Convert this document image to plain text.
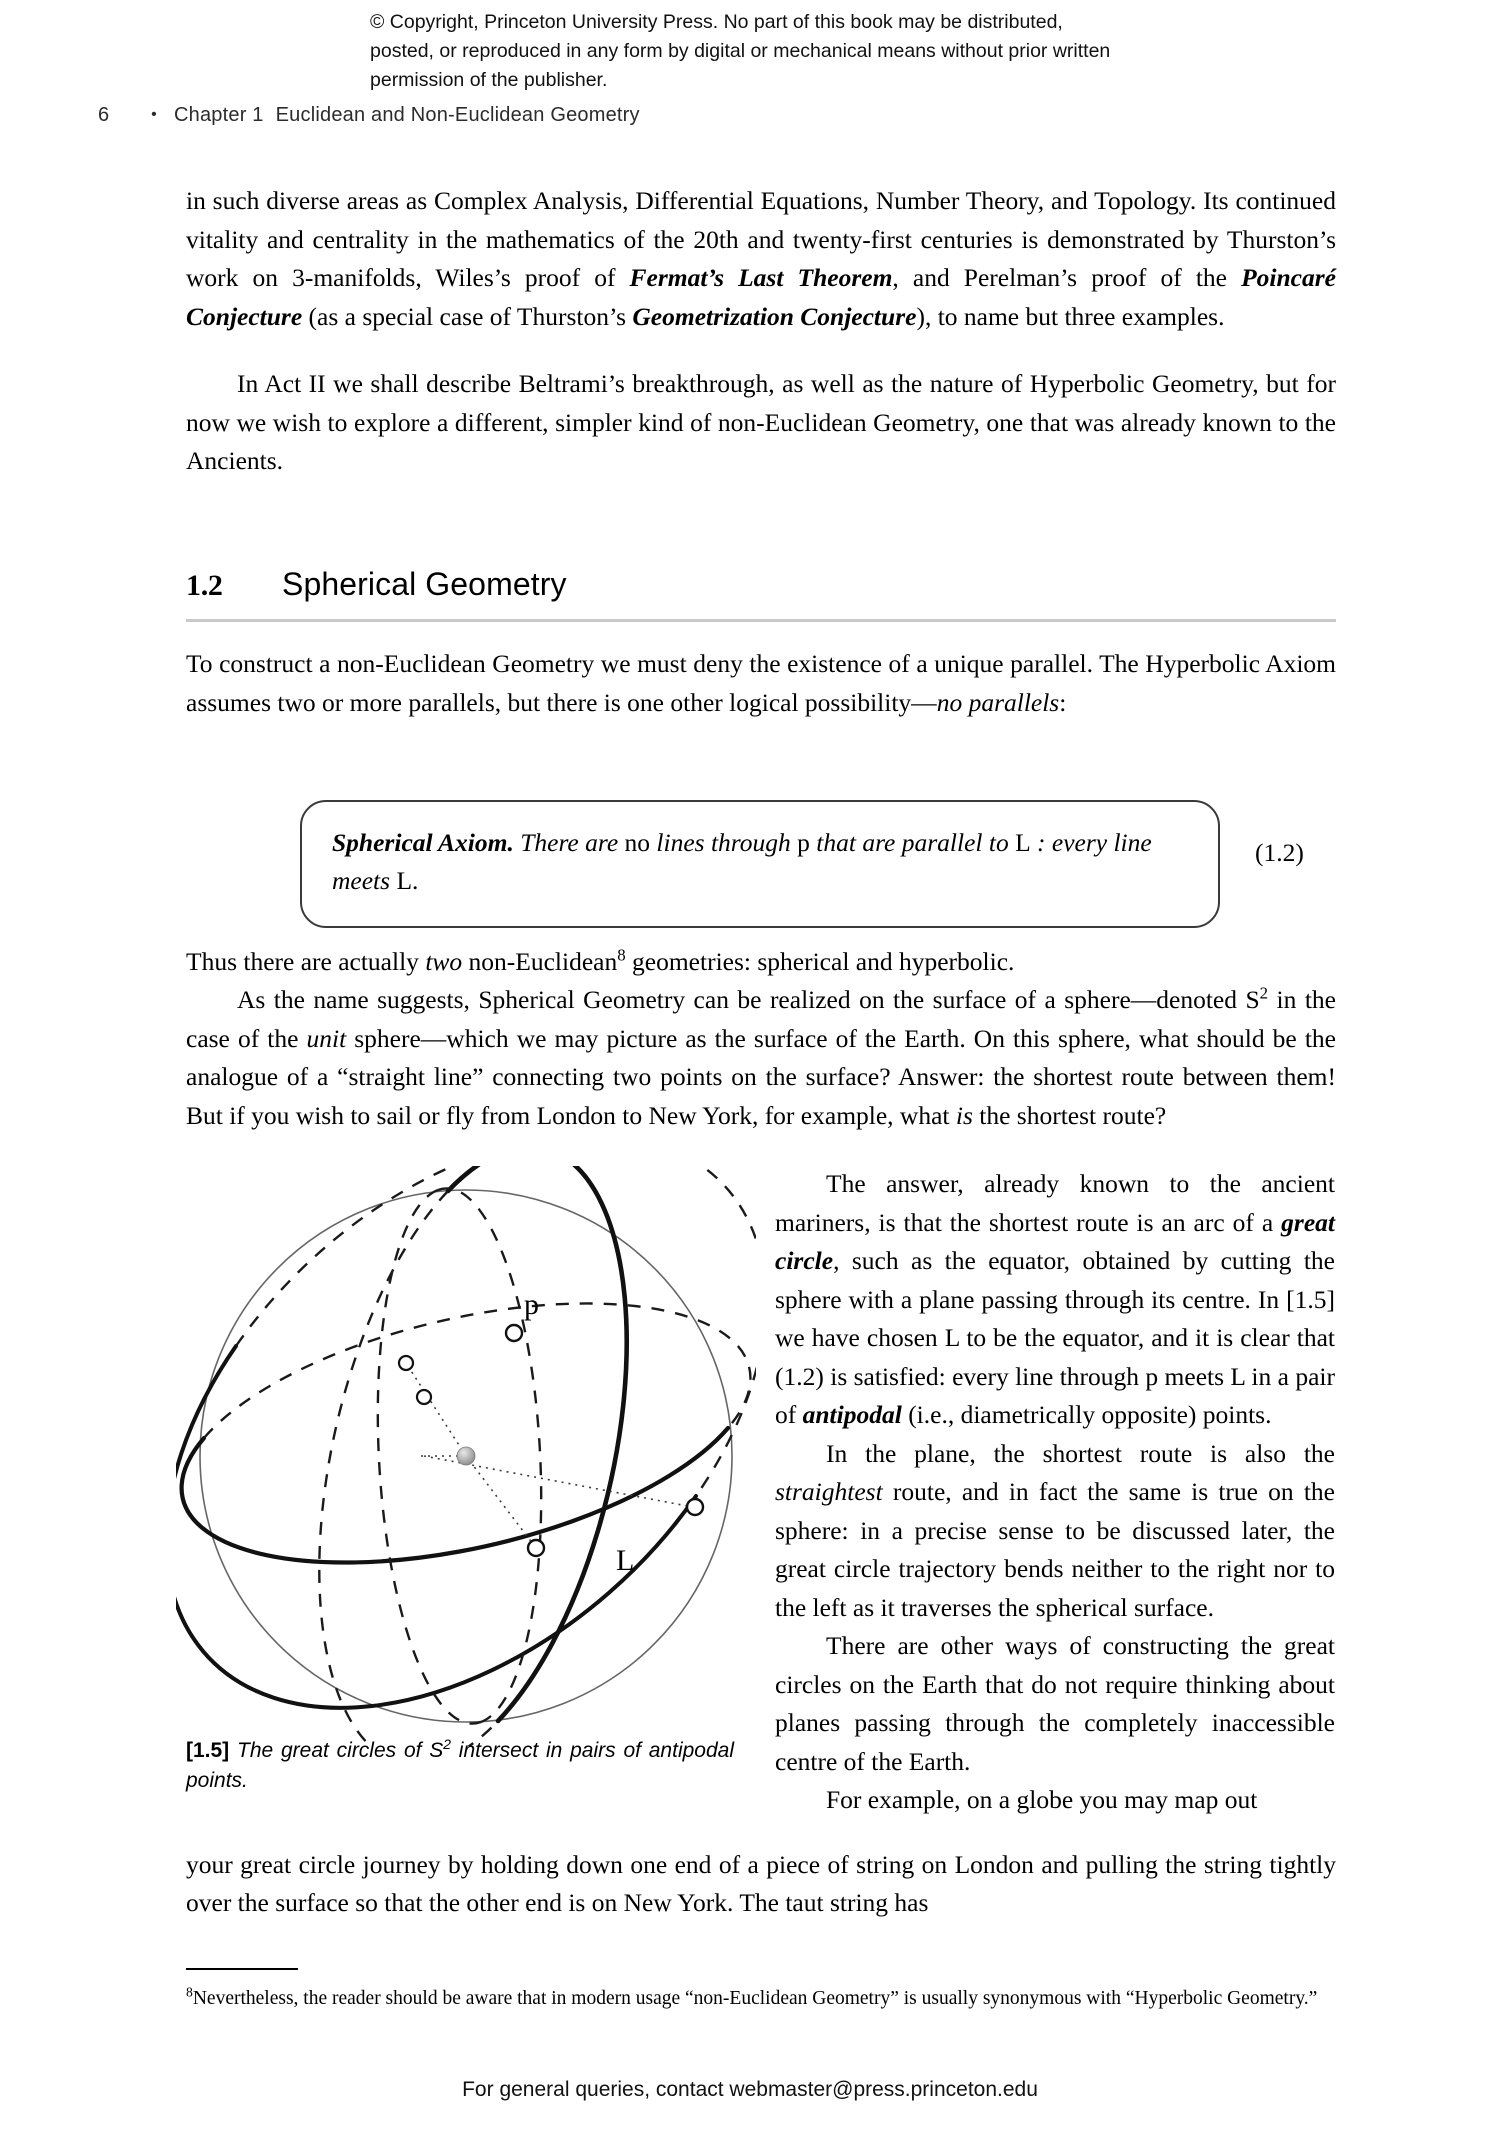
© Copyright, Princeton University Press. No part of this book may be distributed, posted, or reproduced in any form by digital or mechanical means without prior written permission of the publisher.
6	• Chapter 1 Euclidean and Non-Euclidean Geometry

in such diverse areas as Complex Analysis, Differential Equations, Number Theory, and Topology. Its continued vitality and centrality in the mathematics of the 20th and twenty-first centuries is demonstrated by Thurston’s work on 3-manifolds, Wiles’s proof of Fermat’s Last Theorem, and Perelman’s proof of the Poincaré Conjecture (as a special case of Thurston’s Geometrization Conjecture), to name but three examples.

In Act II we shall describe Beltrami’s breakthrough, as well as the nature of Hyperbolic Geometry, but for now we wish to explore a different, simpler kind of non-Euclidean Geometry, one that was already known to the Ancients.

1.2 Spherical Geometry

To construct a non-Euclidean Geometry we must deny the existence of a unique parallel. The Hyperbolic Axiom assumes two or more parallels, but there is one other logical possibility—no parallels:

Spherical Axiom. There are no lines through p that are parallel to L : every line meets L.
(1.2)

Thus there are actually two non-Euclidean$^8$ geometries: spherical and hyperbolic.

As the name suggests, Spherical Geometry can be realized on the surface of a sphere—denoted $S^2$ in the case of the unit sphere—which we may picture as the surface of the Earth. On this sphere, what should be the analogue of a “straight line” connecting two points on the surface? Answer: the shortest route between them! But if you wish to sail or fly from London to New York, for example, what is the shortest route?

p
L
[1.5] The great circles of $S^2$ intersect in pairs of antipodal points.

The answer, already known to the ancient mariners, is that the shortest route is an arc of a great circle, such as the equator, obtained by cutting the sphere with a plane passing through its centre. In [1.5] we have chosen L to be the equator, and it is clear that (1.2) is satisfied: every line through p meets L in a pair of antipodal (i.e., diametrically opposite) points.

In the plane, the shortest route is also the straightest route, and in fact the same is true on the sphere: in a precise sense to be discussed later, the great circle trajectory bends neither to the right nor to the left as it traverses the spherical surface.

There are other ways of constructing the great circles on the Earth that do not require thinking about planes passing through the completely inaccessible centre of the Earth.

For example, on a globe you may map out

your great circle journey by holding down one end of a piece of string on London and pulling the string tightly over the surface so that the other end is on New York. The taut string has

$^8$Nevertheless, the reader should be aware that in modern usage “non-Euclidean Geometry” is usually synonymous with “Hyperbolic Geometry.”
For general queries, contact webmaster@press.princeton.edu
